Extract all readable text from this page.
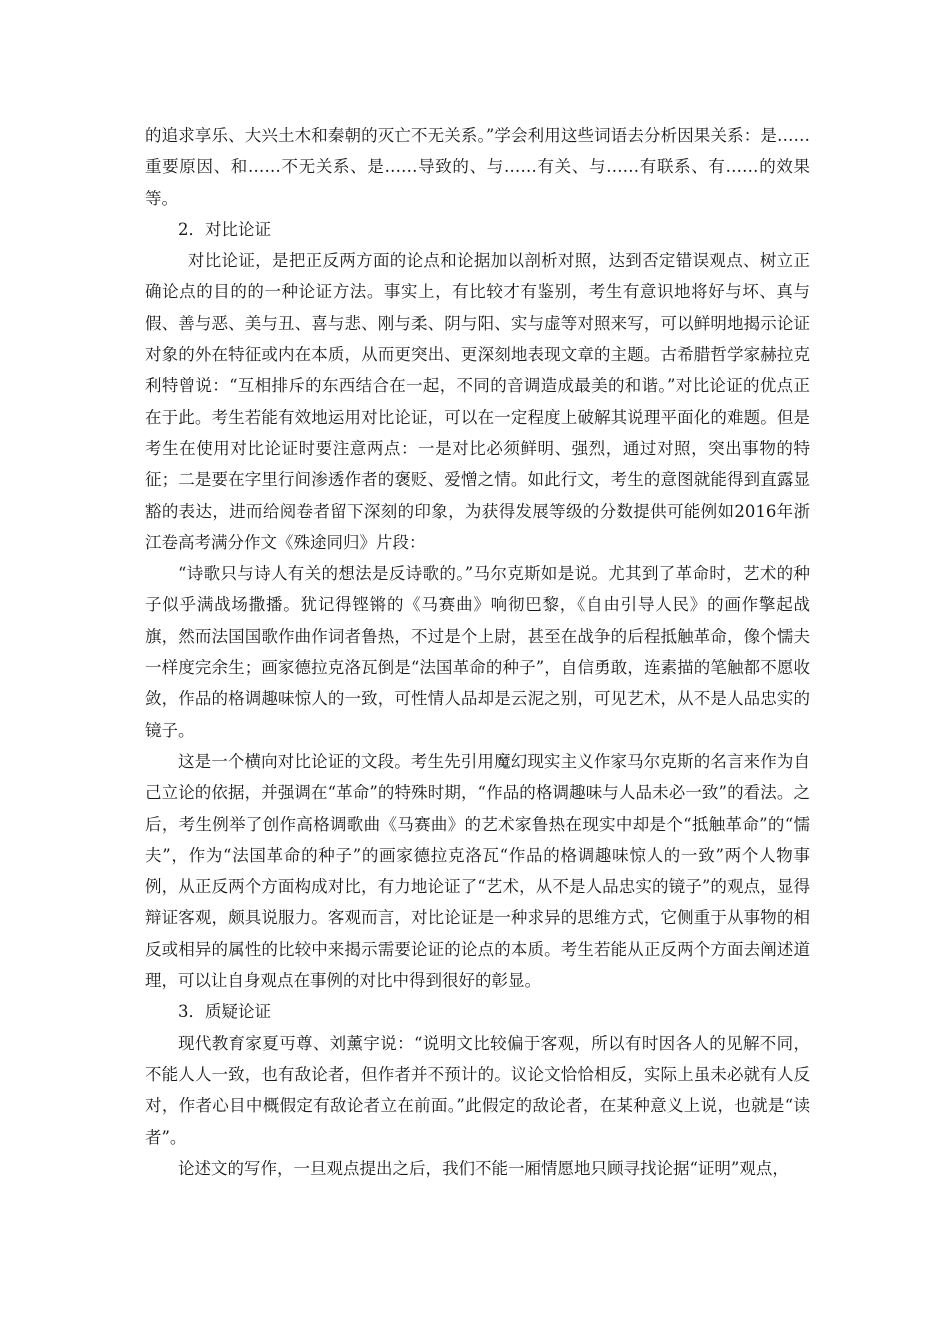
的追求享乐、大兴土木和秦朝的灭亡不无关系。”学会利用这些词语去分析因果关系：是……重要原因、和……不无关系、是……导致的、与……有关、与……有联系、有……的效果等。

2．对比论证

对比论证，是把正反两方面的论点和论据加以剖析对照，达到否定错误观点、树立正确论点的目的的一种论证方法。事实上，有比较才有鉴别，考生有意识地将好与坏、真与假、善与恶、美与丑、喜与悲、刚与柔、阴与阳、实与虚等对照来写，可以鲜明地揭示论证对象的外在特征或内在本质，从而更突出、更深刻地表现文章的主题。古希腊哲学家赫拉克利特曾说：“互相排斥的东西结合在一起，不同的音调造成最美的和谐。”对比论证的优点正在于此。考生若能有效地运用对比论证，可以在一定程度上破解其说理平面化的难题。但是考生在使用对比论证时要注意两点：一是对比必须鲜明、强烈，通过对照，突出事物的特征；二是要在字里行间渗透作者的褒贬、爱憎之情。如此行文，考生的意图就能得到直露显豁的表达，进而给阅卷者留下深刻的印象，为获得发展等级的分数提供可能例如2016年浙江卷高考满分作文《殊途同归》片段：

“诗歌只与诗人有关的想法是反诗歌的。”马尔克斯如是说。尤其到了革命时，艺术的种子似乎满战场撒播。犹记得铿锵的《马赛曲》响彻巴黎，《自由引导人民》的画作擎起战旗，然而法国国歌作曲作词者鲁热，不过是个上尉，甚至在战争的后程抵触革命，像个懦夫一样度完余生；画家德拉克洛瓦倒是“法国革命的种子”，自信勇敢，连素描的笔触都不愿收敛，作品的格调趣味惊人的一致，可性情人品却是云泥之别，可见艺术，从不是人品忠实的镜子。

这是一个横向对比论证的文段。考生先引用魔幻现实主义作家马尔克斯的名言来作为自己立论的依据，并强调在“革命”的特殊时期，“作品的格调趣味与人品未必一致”的看法。之后，考生例举了创作高格调歌曲《马赛曲》的艺术家鲁热在现实中却是个“抵触革命”的“懦夫”，作为“法国革命的种子”的画家德拉克洛瓦“作品的格调趣味惊人的一致”两个人物事例，从正反两个方面构成对比，有力地论证了“艺术，从不是人品忠实的镜子”的观点，显得辩证客观，颇具说服力。客观而言，对比论证是一种求异的思维方式，它侧重于从事物的相反或相异的属性的比较中来揭示需要论证的论点的本质。考生若能从正反两个方面去阐述道理，可以让自身观点在事例的对比中得到很好的彰显。

3．质疑论证

现代教育家夏丏尊、刘薰宇说：“说明文比较偏于客观，所以有时因各人的见解不同，不能人人一致，也有敌论者，但作者并不预计的。议论文恰恰相反，实际上虽未必就有人反对，作者心目中概假定有敌论者立在前面。”此假定的敌论者，在某种意义上说，也就是“读者”。

论述文的写作，一旦观点提出之后，我们不能一厢情愿地只顾寻找论据“证明”观点，
